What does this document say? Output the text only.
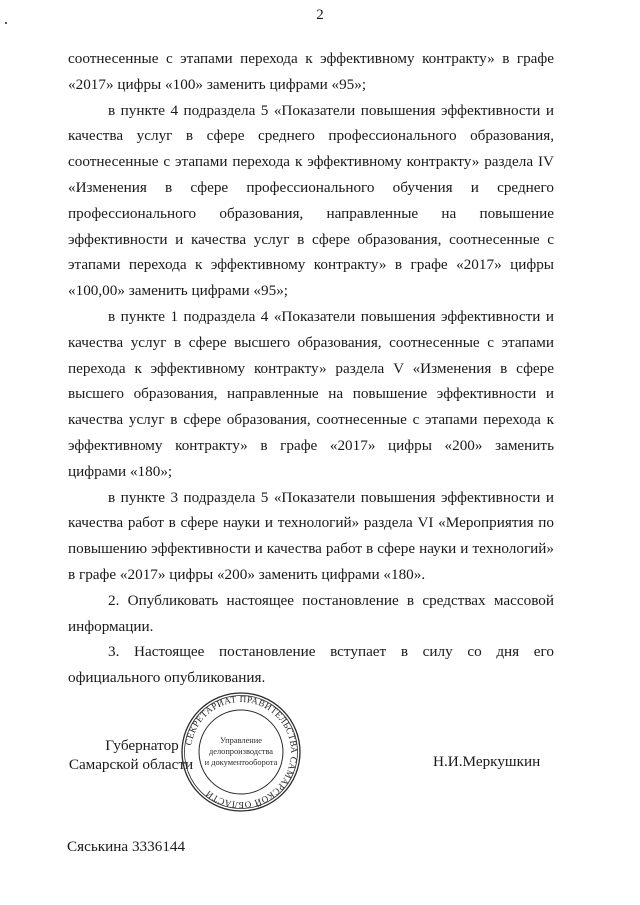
2

соотнесенные с этапами перехода к эффективному контракту» в графе «2017» цифры «100» заменить цифрами «95»;

в пункте 4 подраздела 5 «Показатели повышения эффективности и качества услуг в сфере среднего профессионального образования, соотнесенные с этапами перехода к эффективному контракту» раздела IV «Изменения в сфере профессионального обучения и среднего профессионального образования, направленные на повышение эффективности и качества услуг в сфере образования, соотнесенные с этапами перехода к эффективному контракту» в графе «2017» цифры «100,00» заменить цифрами «95»;

в пункте 1 подраздела 4 «Показатели повышения эффективности и качества услуг в сфере высшего образования, соотнесенные с этапами перехода к эффективному контракту» раздела V «Изменения в сфере высшего образования, направленные на повышение эффективности и качества услуг в сфере образования, соотнесенные с этапами перехода к эффективному контракту» в графе «2017» цифры «200» заменить цифрами «180»;

в пункте 3 подраздела 5 «Показатели повышения эффективности и качества работ в сфере науки и технологий» раздела VI «Мероприятия по повышению эффективности и качества работ в сфере науки и технологий» в графе «2017» цифры «200» заменить цифрами «180».

2. Опубликовать настоящее постановление в средствах массовой информации.

3. Настоящее постановление вступает в силу со дня его официального опубликования.

Губернатор
Самарской области
СЕКРЕТАРИАТ ПРАВИТЕЛЬСТВА САМАРСКОЙ ОБЛАСТИ
Управление
делопроизводства
и документооборота	Н.И.Меркушкин
Сяськина 3336144
